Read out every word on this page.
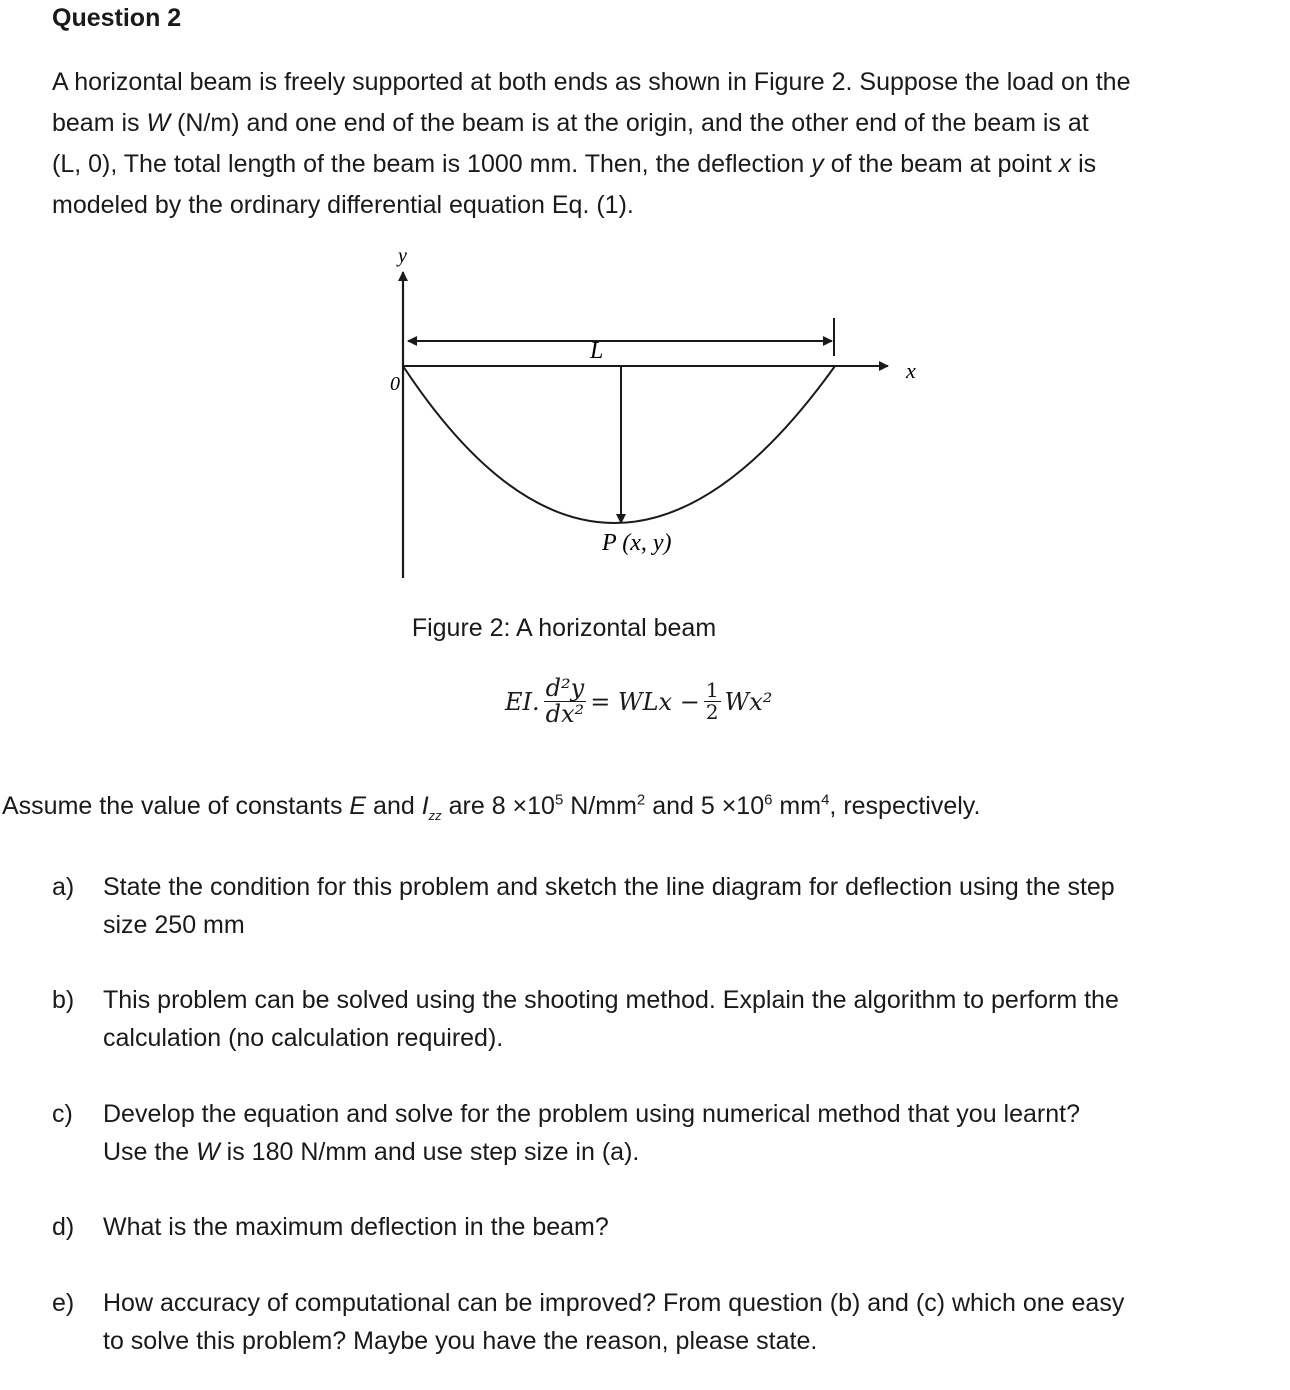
Question 2
A horizontal beam is freely supported at both ends as shown in Figure 2. Suppose the load on the
beam is W (N/m) and one end of the beam is at the origin, and the other end of the beam is at
(L, 0), The total length of the beam is 1000 mm. Then, the deflection y of the beam at point x is
modeled by the ordinary differential equation Eq. (1).
y
x
0
L
P (x, y)
Figure 2: A horizontal beam
EI. $\frac{\text{d²y}}{\text{dx²}}$ = WLx − $\frac{1}{2} Wx^2$
Assume the value of constants E and $I_{zz}$ are $8 \times 10^5$ $N/mm^2$ and $5 \times 10^6$ $mm^4$, respectively.
a) State the condition for this problem and sketch the line diagram for deflection using the step
size 250 mm
b) This problem can be solved using the shooting method. Explain the algorithm to perform the
calculation (no calculation required).
c) Develop the equation and solve for the problem using numerical method that you learnt?
Use the W is 180 N/mm and use step size in (a).
d) What is the maximum deflection in the beam?
e) How accuracy of computational can be improved? From question (b) and (c) which one easy
to solve this problem? Maybe you have the reason, please state.
